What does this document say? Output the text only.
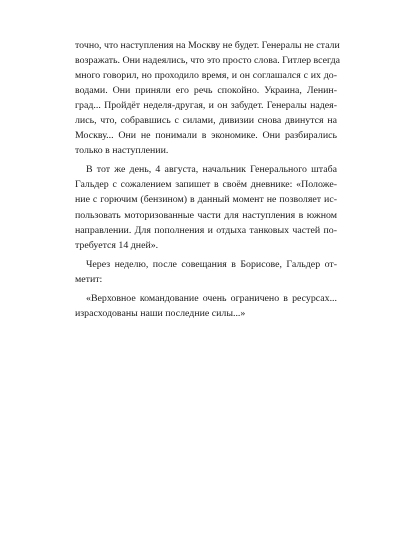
точно, что наступления на Москву не будет. Генералы не стали
возражать. Они надеялись, что это просто слова. Гитлер всегда
много говорил, но проходило время, и он соглашался с их до-
водами. Они приняли его речь спокойно. Украина, Ленин-
град... Пройдёт неделя-другая, и он забудет. Генералы надея-
лись, что, собравшись с силами, дивизии снова двинутся на
Москву... Они не понимали в экономике. Они разбирались
только в наступлении.
В тот же день, 4 августа, начальник Генерального штаба
Гальдер с сожалением запишет в своём дневнике: «Положе-
ние с горючим (бензином) в данный момент не позволяет ис-
пользовать моторизованные части для наступления в южном
направлении. Для пополнения и отдыха танковых частей по-
требуется 14 дней».
Через неделю, после совещания в Борисове, Гальдер от-
метит:
«Верховное командование очень ограничено в ресурсах...
израсходованы наши последние силы...»
